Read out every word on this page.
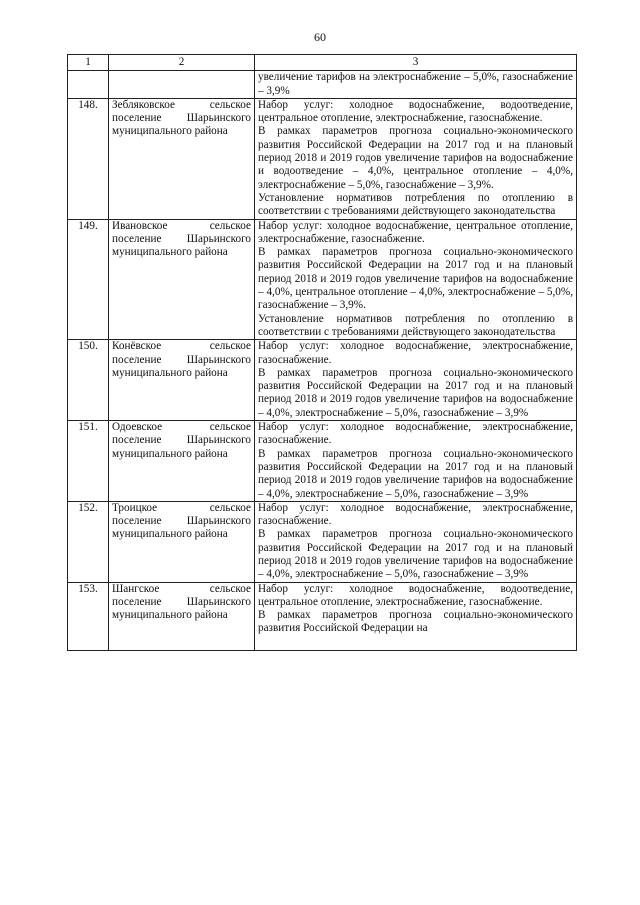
60
1	2	3

		увеличение тарифов на электроснабжение – 5,0%, газоснабжение – 3,9%

148.	Зебляковское сельское поселение Шарьинского муниципального района	Набор услуг: холодное водоснабжение, водоотведение, центральное отопление, электроснабжение, газоснабжение.

В рамках параметров прогноза социально-экономического развития Российской Федерации на 2017 год и на плановый период 2018 и 2019 годов увеличение тарифов на водоснабжение и водоотведение – 4,0%, центральное отопление – 4,0%, электроснабжение – 5,0%, газоснабжение – 3,9%.

Установление нормативов потребления по отоплению в соответствии с требованиями действующего законодательства

149.	Ивановское сельское поселение Шарьинского муниципального района	Набор услуг: холодное водоснабжение, центральное отопление, электроснабжение, газоснабжение.

В рамках параметров прогноза социально-экономического развития Российской Федерации на 2017 год и на плановый период 2018 и 2019 годов увеличение тарифов на водоснабжение – 4,0%, центральное отопление – 4,0%, электроснабжение – 5,0%, газоснабжение – 3,9%.

Установление нормативов потребления по отоплению в соответствии с требованиями действующего законодательства

150.	Конёвское сельское поселение Шарьинского муниципального района	Набор услуг: холодное водоснабжение, электроснабжение, газоснабжение.

В рамках параметров прогноза социально-экономического развития Российской Федерации на 2017 год и на плановый период 2018 и 2019 годов увеличение тарифов на водоснабжение – 4,0%, электроснабжение – 5,0%, газоснабжение – 3,9%

151.	Одоевское сельское поселение Шарьинского муниципального района	Набор услуг: холодное водоснабжение, электроснабжение, газоснабжение.

В рамках параметров прогноза социально-экономического развития Российской Федерации на 2017 год и на плановый период 2018 и 2019 годов увеличение тарифов на водоснабжение – 4,0%, электроснабжение – 5,0%, газоснабжение – 3,9%

152.	Троицкое сельское поселение Шарьинского муниципального района	Набор услуг: холодное водоснабжение, электроснабжение, газоснабжение.

В рамках параметров прогноза социально-экономического развития Российской Федерации на 2017 год и на плановый период 2018 и 2019 годов увеличение тарифов на водоснабжение – 4,0%, электроснабжение – 5,0%, газоснабжение – 3,9%

153.	Шангское сельское поселение Шарьинского муниципального района	Набор услуг: холодное водоснабжение, водоотведение, центральное отопление, электроснабжение, газоснабжение.

В рамках параметров прогноза социально-экономического развития Российской Федерации на
